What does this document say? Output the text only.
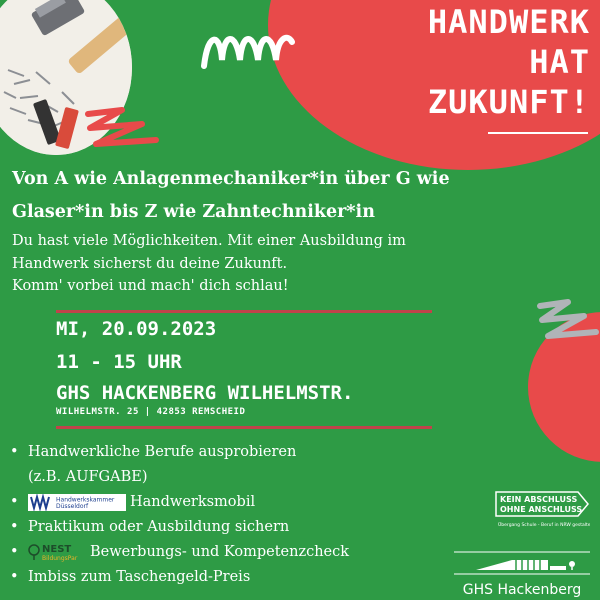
HANDWERK
HAT
ZUKUNFT!
Von A wie Anlagenmechaniker*in über G wie
Glaser*in bis Z wie Zahntechniker*in
Du hast viele Möglichkeiten. Mit einer Ausbildung im
Handwerk sicherst du deine Zukunft.
Komm' vorbei und mach' dich schlau!
MI, 20.09.2023
11 - 15 UHR
GHS HACKENBERG WILHELMSTR.
WILHELMSTR. 25 | 42853 REMSCHEID
• Handwerkliche Berufe ausprobieren
(z.B. AUFGABE)
• Handwerkskammer
Düsseldorf	Handwerksmobil
• Praktikum oder Ausbildung sichern
• NEST
BildungsPar Bewerbungs- und Kompetenzcheck
• Imbiss zum Taschengeld-Preis
KEIN ABSCHLUSS
OHNE ANSCHLUSS
Übergang Schule - Beruf in NRW gestalten.
GHS Hackenberg
